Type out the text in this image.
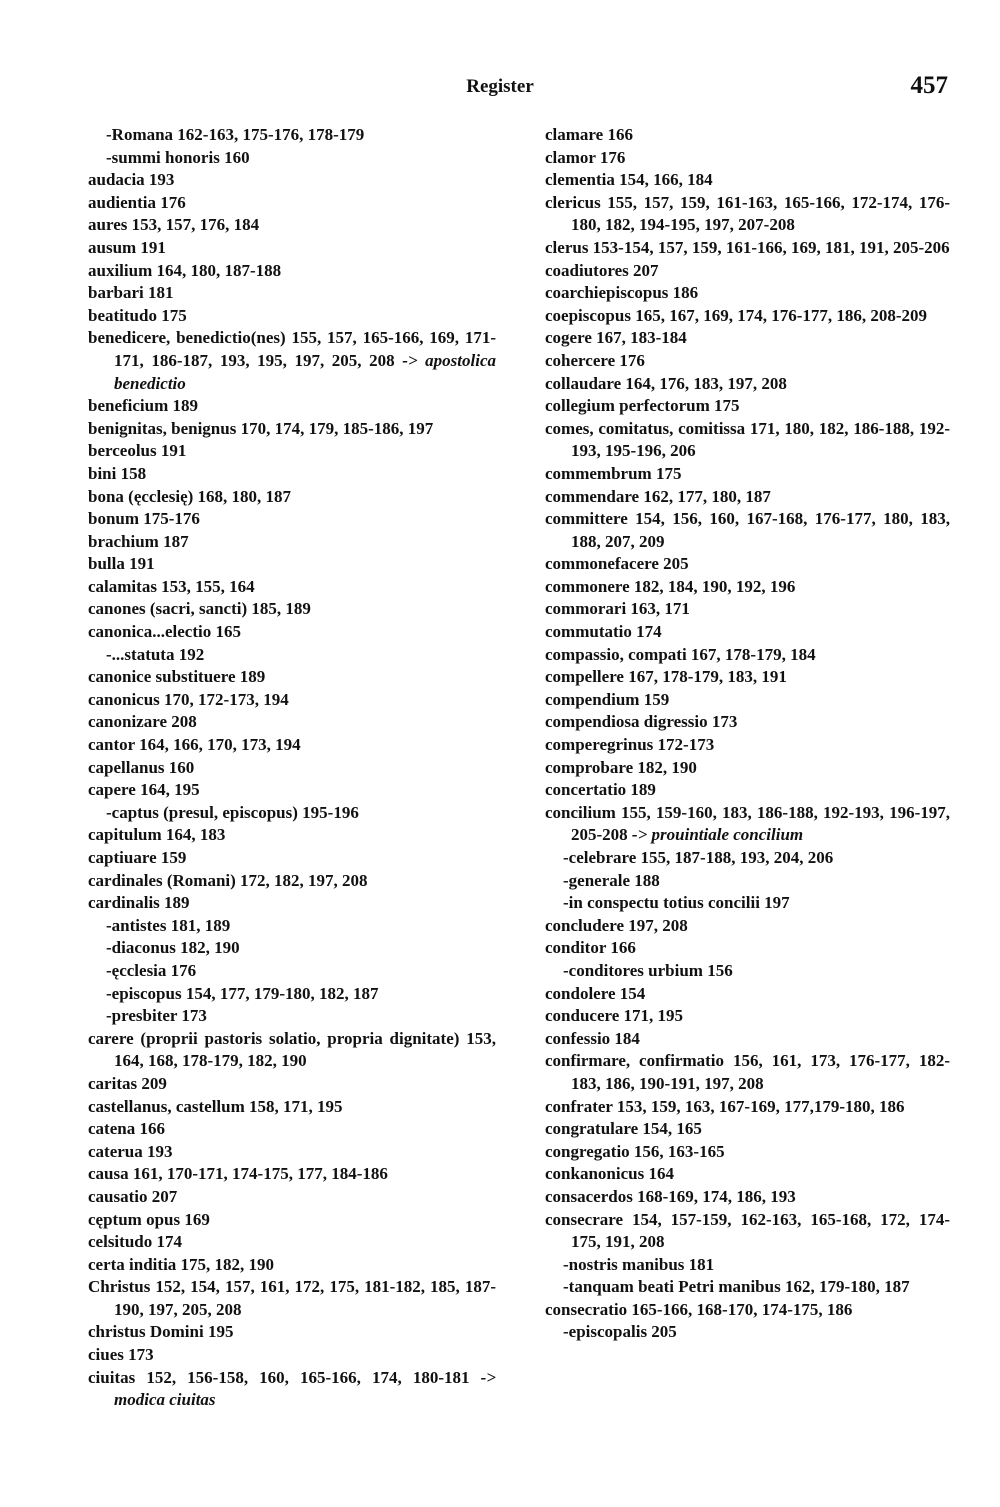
Register	457
-Romana 162-163, 175-176, 178-179
-summi honoris 160
audacia 193
audientia 176
aures 153, 157, 176, 184
ausum 191
auxilium 164, 180, 187-188
barbari 181
beatitudo 175
benedicere, benedictio(nes) 155, 157, 165-166, 169, 171-171, 186-187, 193, 195, 197, 205, 208 -> apostolica benedictio
beneficium 189
benignitas, benignus 170, 174, 179, 185-186, 197
berceolus 191
bini 158
bona (ęcclesię) 168, 180, 187
bonum 175-176
brachium 187
bulla 191
calamitas 153, 155, 164
canones (sacri, sancti) 185, 189
canonica...electio 165
-...statuta 192
canonice substituere 189
canonicus 170, 172-173, 194
canonizare 208
cantor 164, 166, 170, 173, 194
capellanus 160
capere 164, 195
-captus (presul, episcopus) 195-196
capitulum 164, 183
captiuare 159
cardinales (Romani) 172, 182, 197, 208
cardinalis 189
-antistes 181, 189
-diaconus 182, 190
-ęcclesia 176
-episcopus 154, 177, 179-180, 182, 187
-presbiter 173
carere (proprii pastoris solatio, propria dignitate) 153, 164, 168, 178-179, 182, 190
caritas 209
castellanus, castellum 158, 171, 195
catena 166
caterua 193
causa 161, 170-171, 174-175, 177, 184-186
causatio 207
cęptum opus 169
celsitudo 174
certa inditia 175, 182, 190
Christus 152, 154, 157, 161, 172, 175, 181-182, 185, 187-190, 197, 205, 208
christus Domini 195
ciues 173
ciuitas 152, 156-158, 160, 165-166, 174, 180-181 -> modica ciuitas
clamare 166
clamor 176
clementia 154, 166, 184
clericus 155, 157, 159, 161-163, 165-166, 172-174, 176-180, 182, 194-195, 197, 207-208
clerus 153-154, 157, 159, 161-166, 169, 181, 191, 205-206
coadiutores 207
coarchiepiscopus 186
coepiscopus 165, 167, 169, 174, 176-177, 186, 208-209
cogere 167, 183-184
cohercere 176
collaudare 164, 176, 183, 197, 208
collegium perfectorum 175
comes, comitatus, comitissa 171, 180, 182, 186-188, 192-193, 195-196, 206
commembrum 175
commendare 162, 177, 180, 187
committere 154, 156, 160, 167-168, 176-177, 180, 183, 188, 207, 209
commonefacere 205
commonere 182, 184, 190, 192, 196
commorari 163, 171
commutatio 174
compassio, compati 167, 178-179, 184
compellere 167, 178-179, 183, 191
compendium 159
compendiosa digressio 173
comperegrinus 172-173
comprobare 182, 190
concertatio 189
concilium 155, 159-160, 183, 186-188, 192-193, 196-197, 205-208 -> prouintiale concilium
-celebrare 155, 187-188, 193, 204, 206
-generale 188
-in conspectu totius concilii 197
concludere 197, 208
conditor 166
-conditores urbium 156
condolere 154
conducere 171, 195
confessio 184
confirmare, confirmatio 156, 161, 173, 176-177, 182-183, 186, 190-191, 197, 208
confrater 153, 159, 163, 167-169, 177,179-180, 186
congratulare 154, 165
congregatio 156, 163-165
conkanonicus 164
consacerdos 168-169, 174, 186, 193
consecrare 154, 157-159, 162-163, 165-168, 172, 174-175, 191, 208
-nostris manibus 181
-tanquam beati Petri manibus 162, 179-180, 187
consecratio 165-166, 168-170, 174-175, 186
-episcopalis 205
